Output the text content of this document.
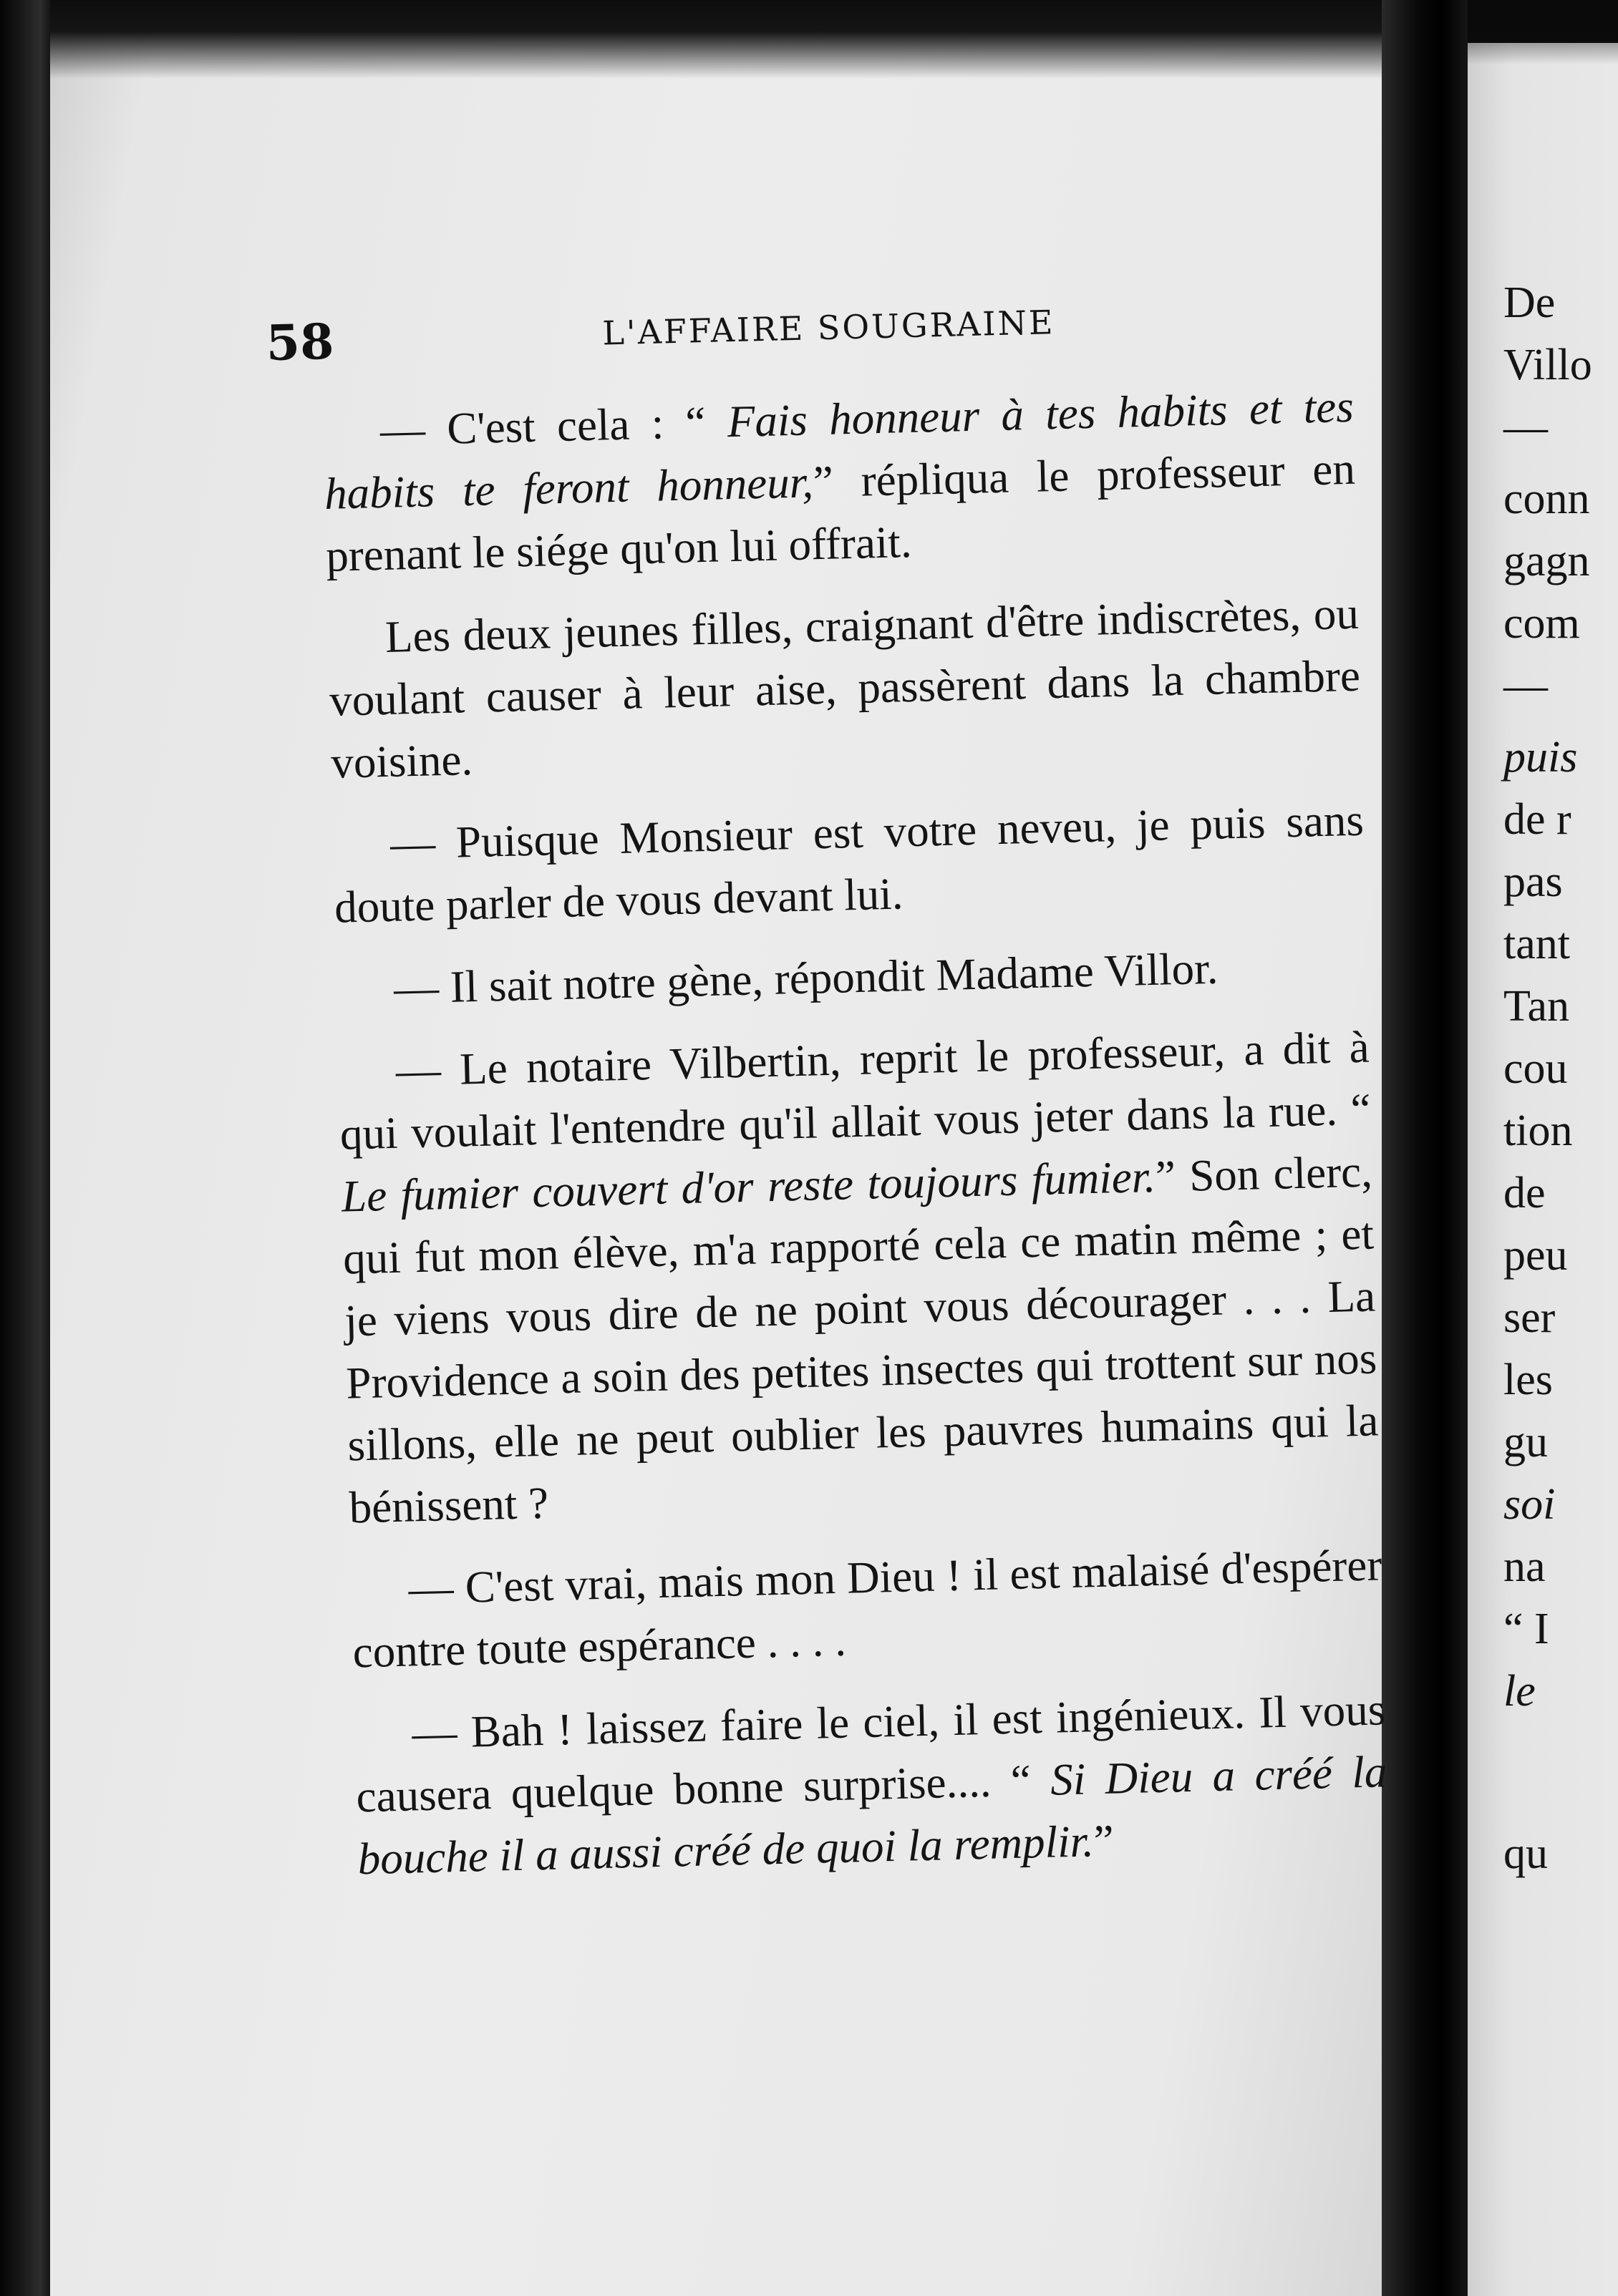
58	L'AFFAIRE SOUGRAINE

— C'est cela : “ Fais honneur à tes habits et tes habits te feront honneur,” répliqua le professeur en prenant le siége qu'on lui offrait.

Les deux jeunes filles, craignant d'être indiscrètes, ou voulant causer à leur aise, passèrent dans la chambre voisine.

— Puisque Monsieur est votre neveu, je puis sans doute parler de vous devant lui.

— Il sait notre gène, répondit Madame Villor.

— Le notaire Vilbertin, reprit le professeur, a dit à qui voulait l'entendre qu'il allait vous jeter dans la rue. “ Le fumier couvert d'or reste toujours fumier.” Son clerc, qui fut mon élève, m'a rapporté cela ce matin même ; et je viens vous dire de ne point vous décourager . . . La Providence a soin des petites insectes qui trottent sur nos sillons, elle ne peut oublier les pauvres humains qui la bénissent ?

— C'est vrai, mais mon Dieu ! il est malaisé d'espérer contre toute espérance . . . .

— Bah ! laissez faire le ciel, il est ingénieux. Il vous causera quelque bonne surprise.... “ Si Dieu a créé la bouche il a aussi créé de quoi la remplir.”

De
Villo
—
conn
gagn
com
—
puis
de r
pas
tant
Tan
cou
tion
de
peu
ser
les
gu
soi
na
“ I
le
qu
